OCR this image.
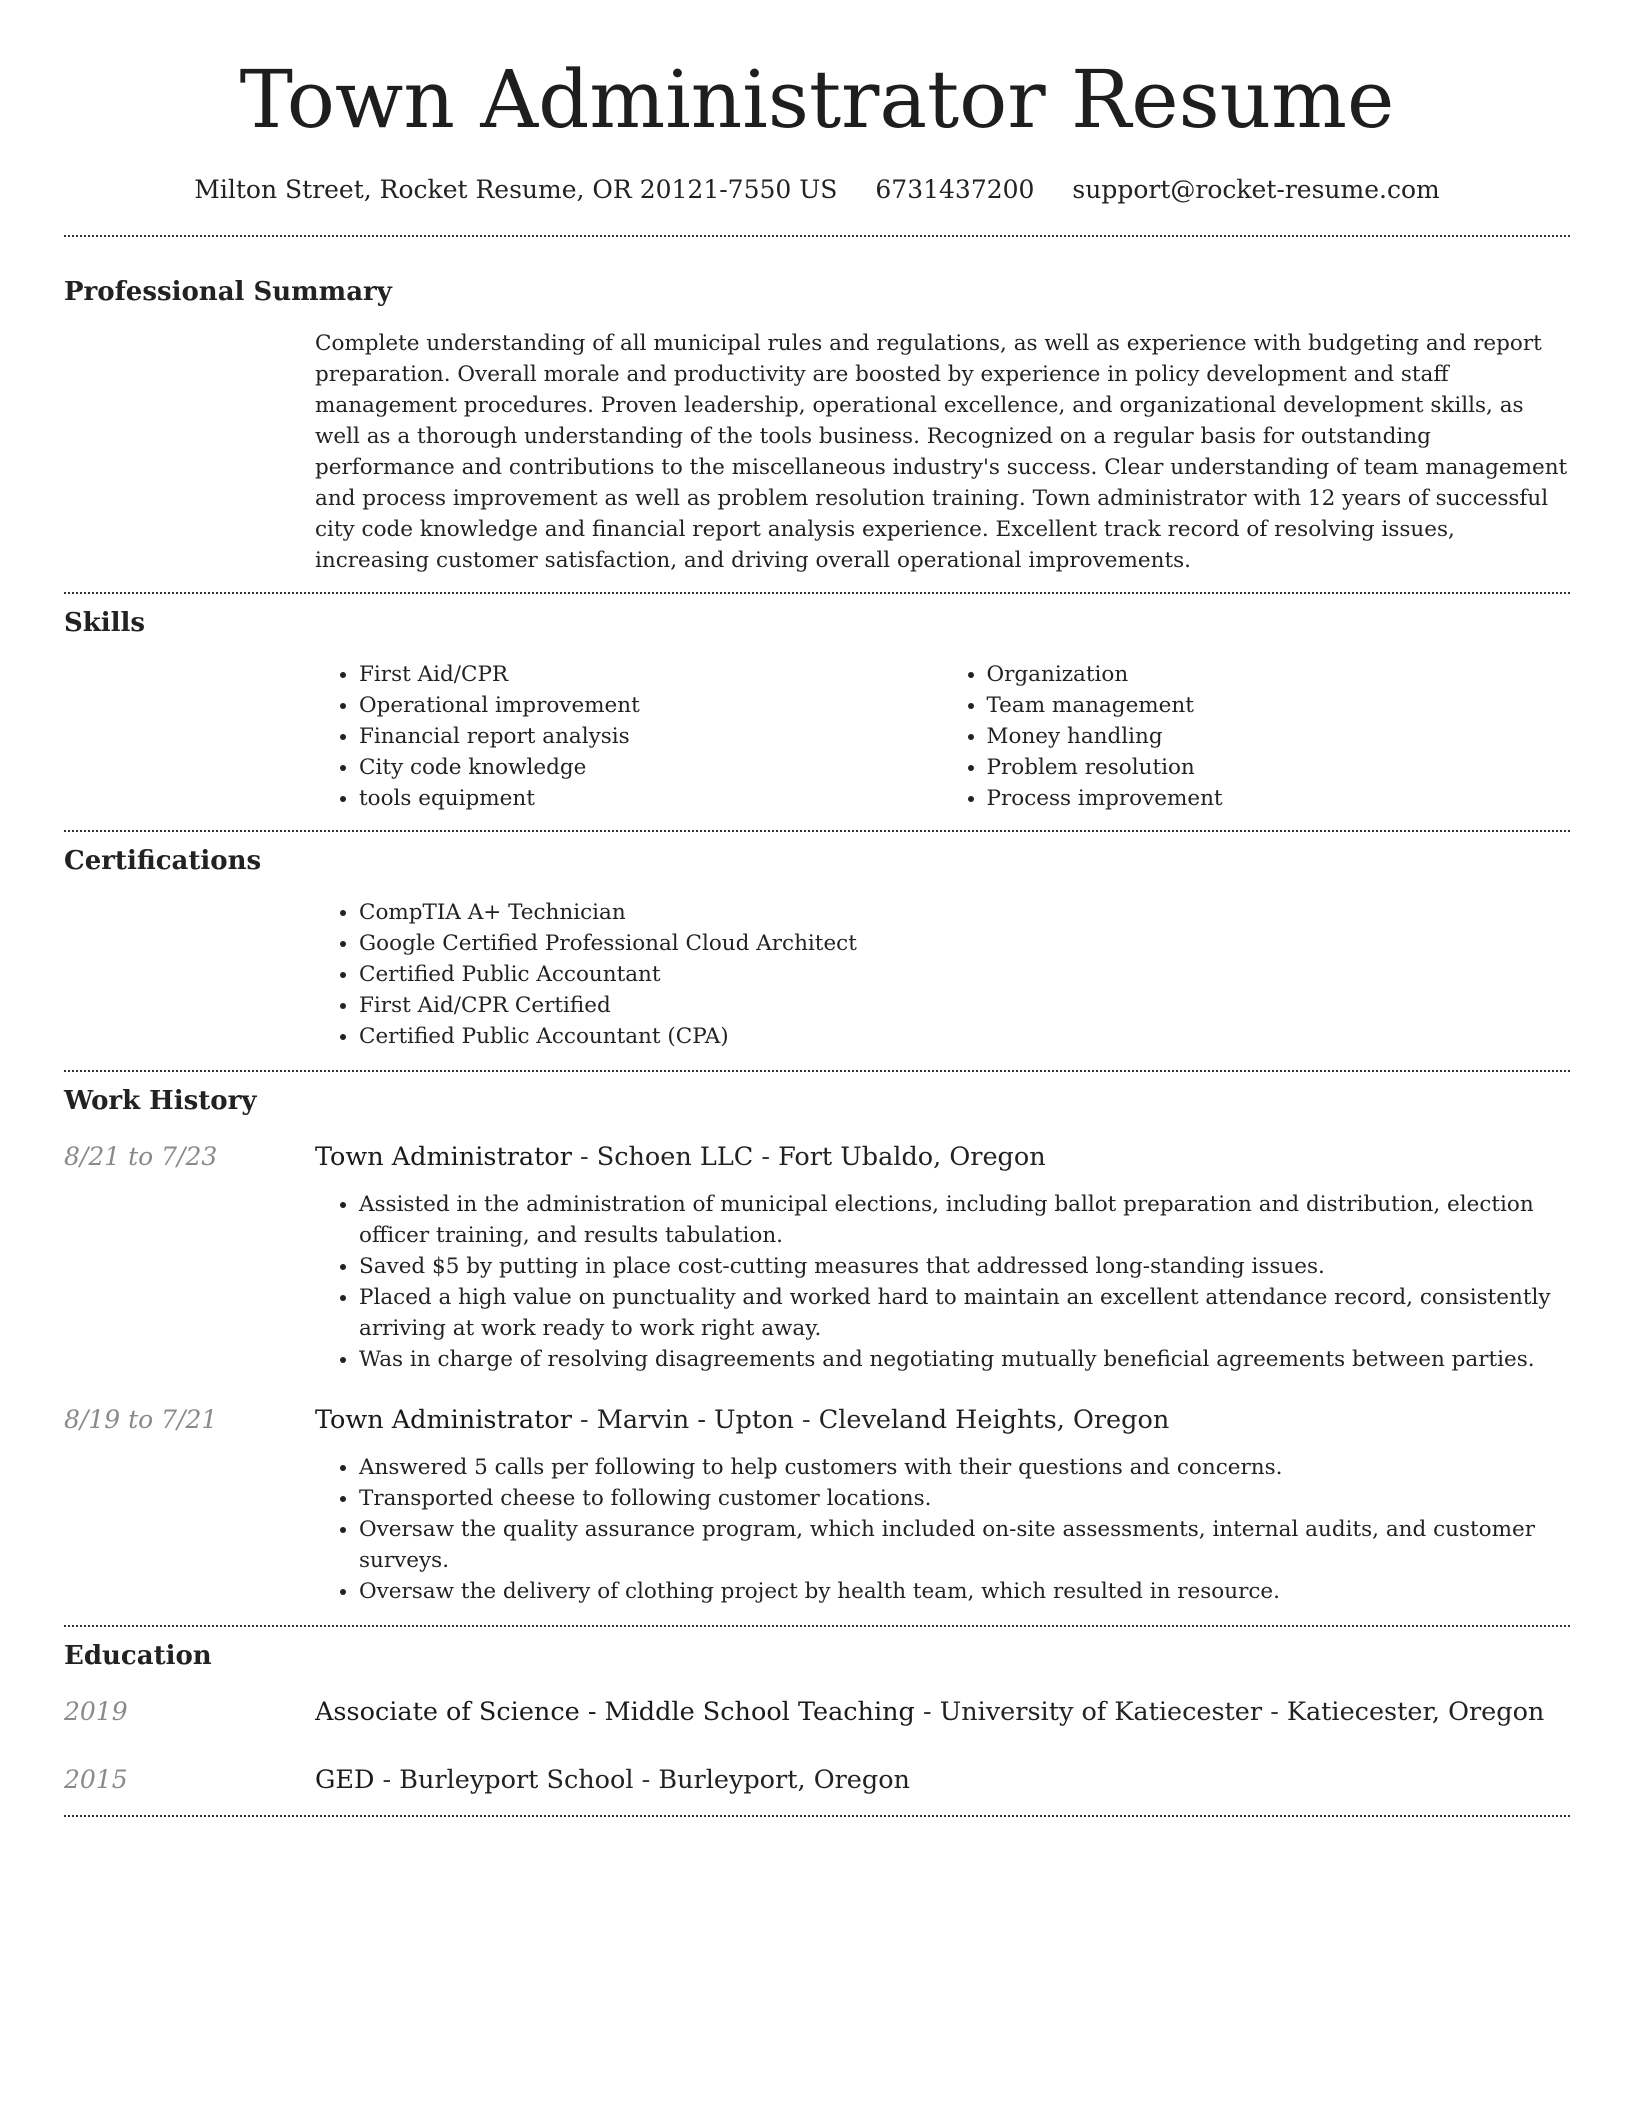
Town Administrator Resume
Milton Street, Rocket Resume, OR 20121-7550 US 6731437200 support@rocket-resume.com
Professional Summary

Complete understanding of all municipal rules and regulations, as well as experience with budgeting and report preparation. Overall morale and productivity are boosted by experience in policy development and staff management procedures. Proven leadership, operational excellence, and organizational development skills, as well as a thorough understanding of the tools business. Recognized on a regular basis for outstanding performance and contributions to the miscellaneous industry's success. Clear understanding of team management and process improvement as well as problem resolution training. Town administrator with 12 years of successful city code knowledge and financial report analysis experience. Excellent track record of resolving issues, increasing customer satisfaction, and driving overall operational improvements.

Skills
• First Aid/CPR
• Operational improvement
• Financial report analysis
• City code knowledge
• tools equipment
• Organization
• Team management
• Money handling
• Problem resolution
• Process improvement
Certifications
• CompTIA A+ Technician
• Google Certified Professional Cloud Architect
• Certified Public Accountant
• First Aid/CPR Certified
• Certified Public Accountant (CPA)
Work History
8/21 to 7/23	Town Administrator - Schoen LLC - Fort Ubaldo, Oregon
• Assisted in the administration of municipal elections, including ballot preparation and distribution, election officer training, and results tabulation.
• Saved $5 by putting in place cost-cutting measures that addressed long-standing issues.
• Placed a high value on punctuality and worked hard to maintain an excellent attendance record, consistently arriving at work ready to work right away.
• Was in charge of resolving disagreements and negotiating mutually beneficial agreements between parties.
8/19 to 7/21	Town Administrator - Marvin - Upton - Cleveland Heights, Oregon
• Answered 5 calls per following to help customers with their questions and concerns.
• Transported cheese to following customer locations.
• Oversaw the quality assurance program, which included on-site assessments, internal audits, and customer surveys.
• Oversaw the delivery of clothing project by health team, which resulted in resource.
Education
2019	Associate of Science - Middle School Teaching - University of Katiecester - Katiecester, Oregon
2015	GED - Burleyport School - Burleyport, Oregon
